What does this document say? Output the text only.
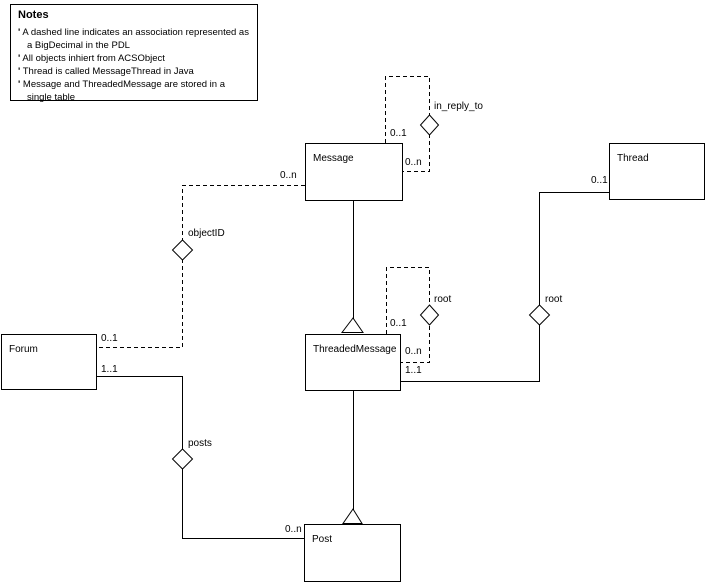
Notes
' A dashed line indicates an association represented as a BigDecimal in the PDL
' All objects inhiert from ACSObject
' Thread is called MessageThread in Java
' Message and ThreadedMessage are stored in a single table
Message	Thread
ThreadedMessage
Forum
Post
in_reply_to
0..1
0..n
objectID
0..n
0..1
root
0..1
0..n
root
0..1
1..1
posts
1..1
0..n
